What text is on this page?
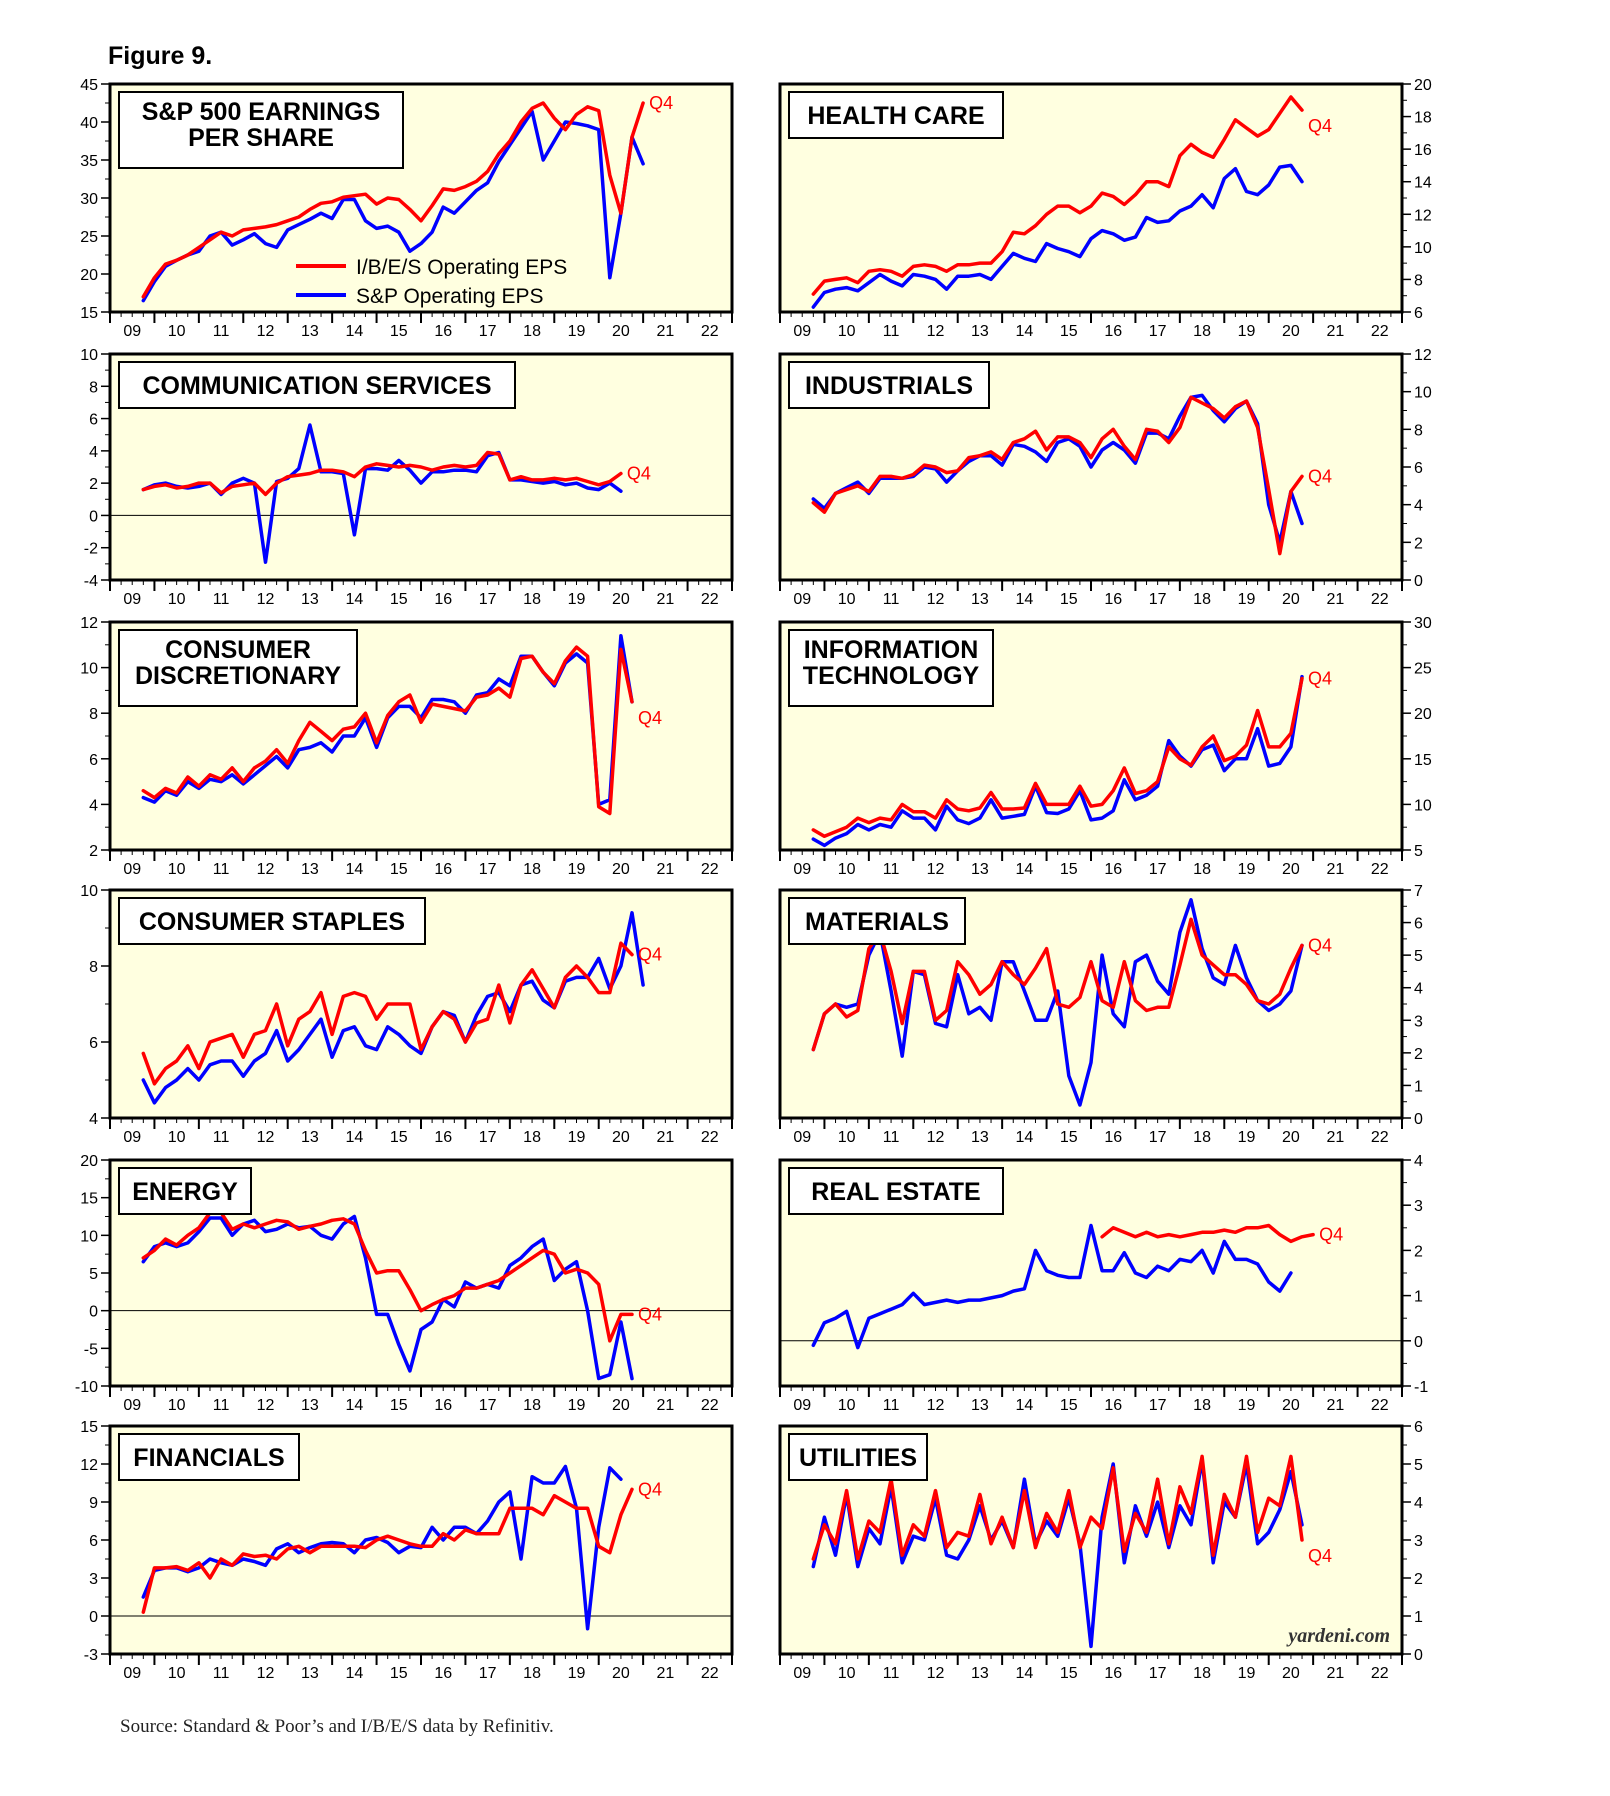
Figure 9.
09 10 11 12 13 14 15 16 17 18 19 20 21 22
15
20
25
30
35
40
45
S&P 500 EARNINGS
PER SHARE
Q4
I/B/E/S Operating EPS
S&P Operating EPS
09 10 11 12 13 14 15 16 17 18 19 20 21 22
6
8
10
12
14
16
18
20
HEALTH CARE	Q4
09 10 11 12 13 14 15 16 17 18 19 20 21 22
-4
-2
0
2
4
6
8
10
COMMUNICATION SERVICES
Q4
09 10 11 12 13 14 15 16 17 18 19 20 21 22
0
2
4
6
8
10
12
INDUSTRIALS
Q4
09 10 11 12 13 14 15 16 17 18 19 20 21 22
2
4
6
8
10
12
CONSUMER
DISCRETIONARY
Q4
09 10 11 12 13 14 15 16 17 18 19 20 21 22
5
10
15
20
25
30
INFORMATION
TECHNOLOGY	Q4
09 10 11 12 13 14 15 16 17 18 19 20 21 22
4
6
8
10
CONSUMER STAPLES
Q4
09 10 11 12 13 14 15 16 17 18 19 20 21 22
0
1
2
3
4
5
6
7
MATERIALS
Q4
09 10 11 12 13 14 15 16 17 18 19 20 21 22
-10
-5
0
5
10
15
20
ENERGY
Q4
09 10 11 12 13 14 15 16 17 18 19 20 21 22
-1
0
1
2
3
4
REAL ESTATE
Q4
09 10 11 12 13 14 15 16 17 18 19 20 21 22
-3
0
3
6
9
12
15
FINANCIALS
Q4
09 10 11 12 13 14 15 16 17 18 19 20 21 22
0
1
2
3
4
5
6
UTILITIES
Q4
yardeni.com
Source: Standard & Poor’s and I/B/E/S data by Refinitiv.
